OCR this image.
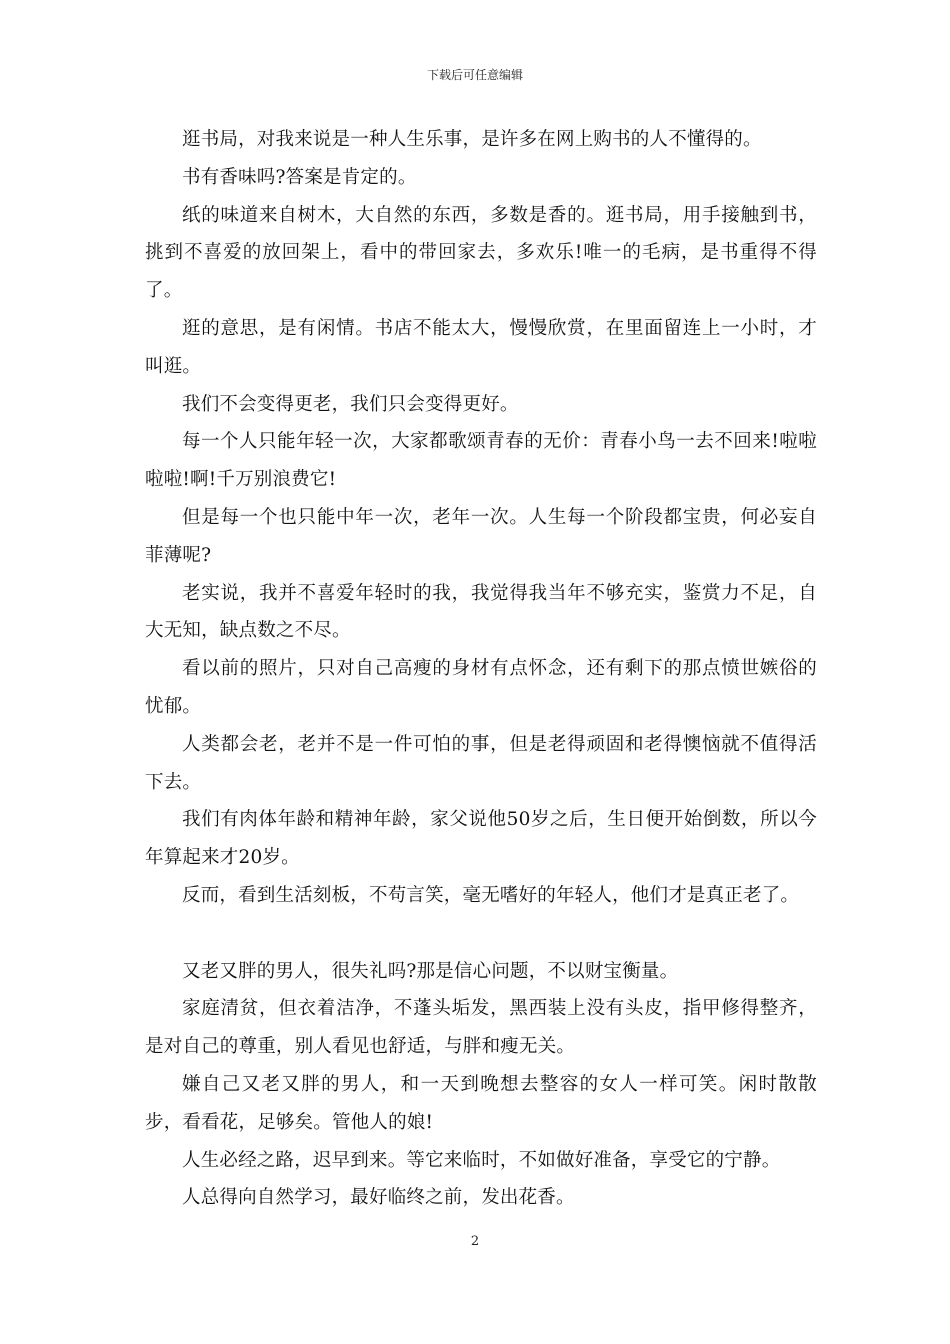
下载后可任意编辑

逛书局，对我来说是一种人生乐事，是许多在网上购书的人不懂得的。

书有香味吗?答案是肯定的。

纸的味道来自树木，大自然的东西，多数是香的。逛书局，用手接触到书，挑到不喜爱的放回架上，看中的带回家去，多欢乐!唯一的毛病，是书重得不得了。

逛的意思，是有闲情。书店不能太大，慢慢欣赏，在里面留连上一小时，才叫逛。

我们不会变得更老，我们只会变得更好。

每一个人只能年轻一次，大家都歌颂青春的无价：青春小鸟一去不回来!啦啦啦啦!啊!千万别浪费它!

但是每一个也只能中年一次，老年一次。人生每一个阶段都宝贵，何必妄自菲薄呢?

老实说，我并不喜爱年轻时的我，我觉得我当年不够充实，鉴赏力不足，自大无知，缺点数之不尽。

看以前的照片，只对自己高瘦的身材有点怀念，还有剩下的那点愤世嫉俗的忧郁。

人类都会老，老并不是一件可怕的事，但是老得顽固和老得懊恼就不值得活下去。

我们有肉体年龄和精神年龄，家父说他50岁之后，生日便开始倒数，所以今年算起来才20岁。

反而，看到生活刻板，不苟言笑，毫无嗜好的年轻人，他们才是真正老了。

又老又胖的男人，很失礼吗?那是信心问题，不以财宝衡量。

家庭清贫，但衣着洁净，不蓬头垢发，黑西装上没有头皮，指甲修得整齐，是对自己的尊重，别人看见也舒适，与胖和瘦无关。

嫌自己又老又胖的男人，和一天到晚想去整容的女人一样可笑。闲时散散步，看看花，足够矣。管他人的娘!

人生必经之路，迟早到来。等它来临时，不如做好准备，享受它的宁静。

人总得向自然学习，最好临终之前，发出花香。

2
